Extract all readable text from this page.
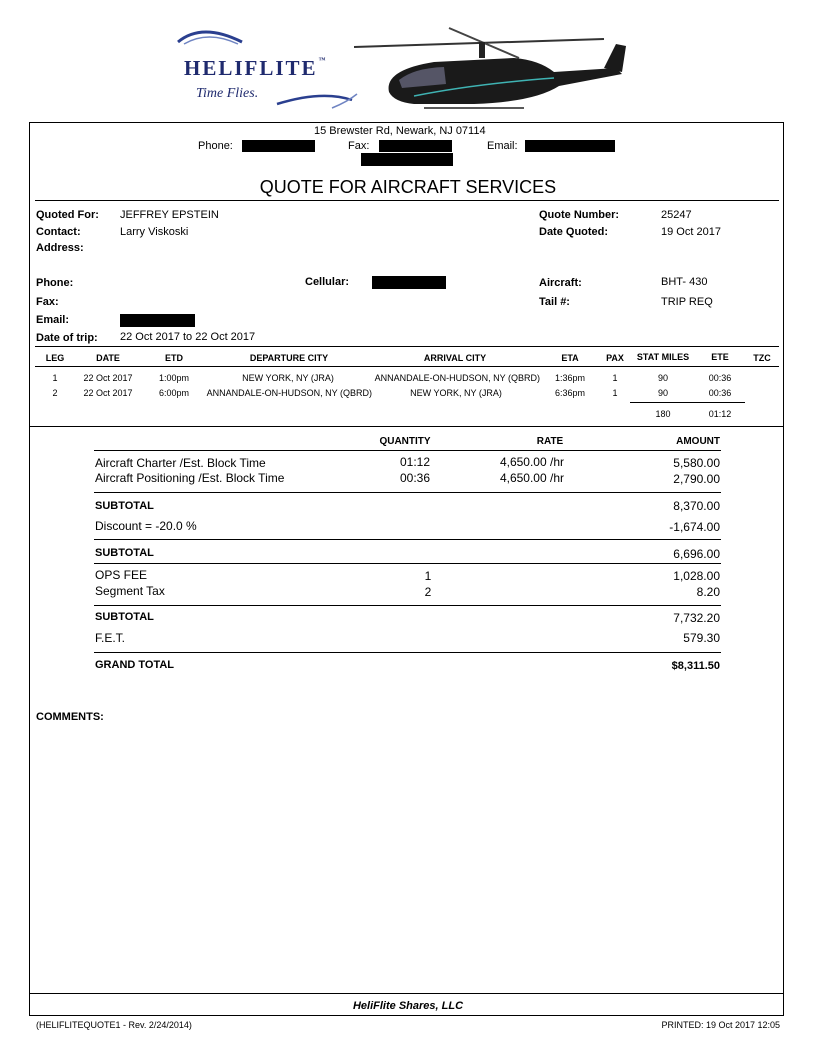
HELIFLITE™
Time Flies.
15 Brewster Rd, Newark, NJ 07114
Phone:	Fax:	Email:
QUOTE FOR AIRCRAFT SERVICES
Quoted For: JEFFREY EPSTEIN
Contact:	Larry Viskoski
Address:
Quote Number:	25247
Date Quoted:	19 Oct 2017
Phone:	Cellular:	Aircraft:	BHT- 430
Fax:	Tail #:	TRIP REQ
Email:
Date of trip: 22 Oct 2017 to 22 Oct 2017
LEG	DATE	ETD	DEPARTURE CITY	ARRIVAL CITY	ETA	PAX	STAT MILES	ETE	TZC
1	22 Oct 2017	1:00pm	NEW YORK, NY (JRA)	ANNANDALE-ON-HUDSON, NY (QBRD)	1:36pm	1	90	00:36
2	22 Oct 2017	6:00pm	ANNANDALE-ON-HUDSON, NY (QBRD)	NEW YORK, NY (JRA)	6:36pm	1	90	00:36
180	01:12
QUANTITY	RATE	AMOUNT
Aircraft Charter /Est. Block Time	01:12	4,650.00 /hr	5,580.00
Aircraft Positioning /Est. Block Time	00:36	4,650.00 /hr	2,790.00
SUBTOTAL	8,370.00
Discount = -20.0 %	-1,674.00
SUBTOTAL	6,696.00
OPS FEE	1	1,028.00
Segment Tax	2	8.20
SUBTOTAL	7,732.20
F.E.T.	579.30
GRAND TOTAL	$8,311.50
COMMENTS:
HeliFlite Shares, LLC
(HELIFLITEQUOTE1 - Rev. 2/24/2014)	PRINTED: 19 Oct 2017 12:05
